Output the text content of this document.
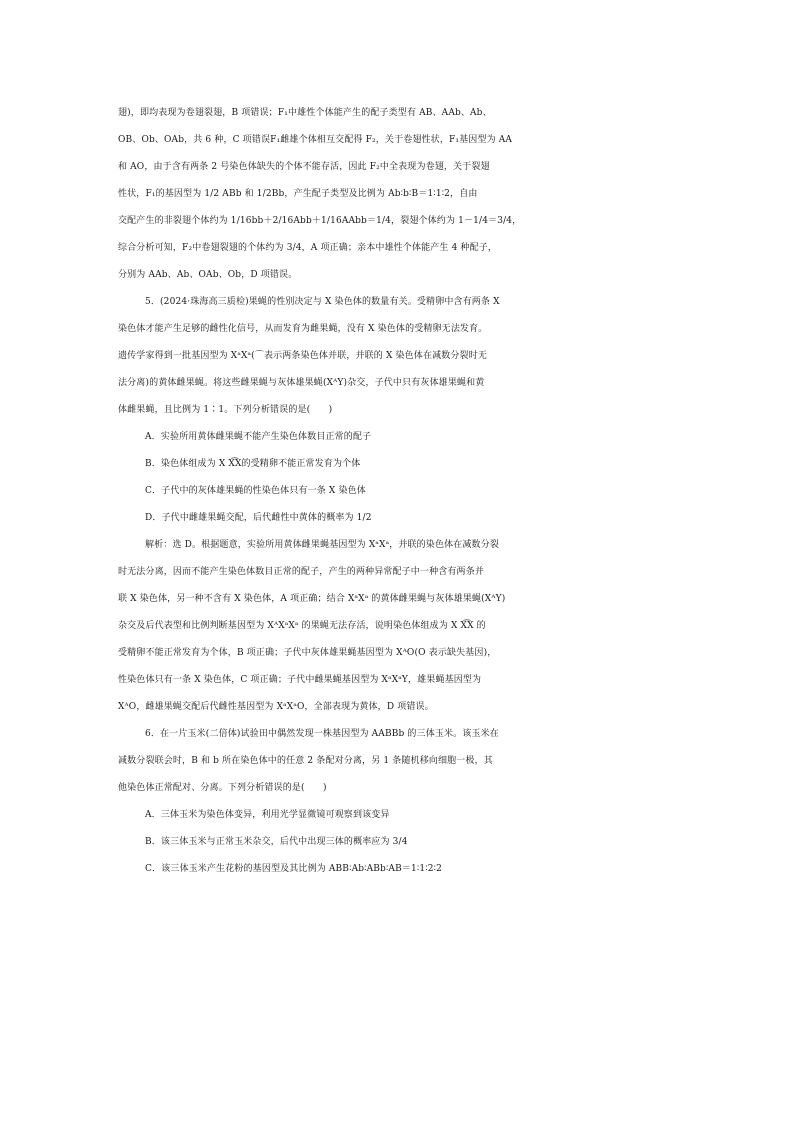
翅)，即均表现为卷翅裂翅，B 项错误；F₁中雄性个体能产生的配子类型有 AB、AAb、Ab、
OB、Ob、OAb，共 6 种，C 项错误F₁雌雄个体相互交配得 F₂，关于卷翅性状，F₁基因型为 AA
和 AO，由于含有两条 2 号染色体缺失的个体不能存活，因此 F₂中全表现为卷翅，关于裂翅
性状，F₁的基因型为 1/2 ABb 和 1/2Bb，产生配子类型及比例为 Ab∶b∶B＝1∶1∶2，自由
交配产生的非裂翅个体约为 1/16bb＋2/16Abb＋1/16AAbb＝1/4，裂翅个体约为 1－1/4＝3/4，
综合分析可知，F₂中卷翅裂翅的个体约为 3/4，A 项正确；亲本中雄性个体能产生 4 种配子，
分别为 AAb、Ab、OAb、Ob，D 项错误。
5．(2024·珠海高三质检)果蝇的性别决定与 X 染色体的数量有关。受精卵中含有两条 X
染色体才能产生足够的雌性化信号，从而发育为雌果蝇，没有 X 染色体的受精卵无法发育。
遗传学家得到一批基因型为 XᵃXᵃ(⌒表示两条染色体并联，并联的 X 染色体在减数分裂时无
法分离)的黄体雌果蝇。将这些雌果蝇与灰体雄果蝇(XᴬY)杂交，子代中只有灰体雄果蝇和黄
体雌果蝇，且比例为 1∶1。下列分析错误的是(　　)
A．实验所用黄体雌果蝇不能产生染色体数目正常的配子
B．染色体组成为 X X͡X的受精卵不能正常发育为个体
C．子代中的灰体雄果蝇的性染色体只有一条 X 染色体
D．子代中雌雄果蝇交配，后代雌性中黄体的概率为 1/2
解析：选 D。根据题意，实验所用黄体雌果蝇基因型为 XᵃXᵃ，并联的染色体在减数分裂
时无法分离，因而不能产生染色体数目正常的配子，产生的两种异常配子中一种含有两条并
联 X 染色体，另一种不含有 X 染色体，A 项正确；结合 XᵃXᵃ 的黄体雌果蝇与灰体雄果蝇(XᴬY)
杂交及后代表型和比例判断基因型为 XᴬXᵃXᵃ 的果蝇无法存活，说明染色体组成为 X X͡X 的
受精卵不能正常发育为个体，B 项正确；子代中灰体雄果蝇基因型为 XᴬO(O 表示缺失基因)，
性染色体只有一条 X 染色体，C 项正确；子代中雌果蝇基因型为 XᵃXᵃY，雄果蝇基因型为
XᴬO，雌雄果蝇交配后代雌性基因型为 XᵃXᵃO，全部表现为黄体，D 项错误。
6．在一片玉米(二倍体)试验田中偶然发现一株基因型为 AABBb 的三体玉米。该玉米在
减数分裂联会时，B 和 b 所在染色体中的任意 2 条配对分离，另 1 条随机移向细胞一极，其
他染色体正常配对、分离。下列分析错误的是(　　)
A．三体玉米为染色体变异，利用光学显微镜可观察到该变异
B．该三体玉米与正常玉米杂交，后代中出现三体的概率应为 3/4
C．该三体玉米产生花粉的基因型及其比例为 ABB∶Ab∶ABb∶AB＝1∶1∶2∶2
